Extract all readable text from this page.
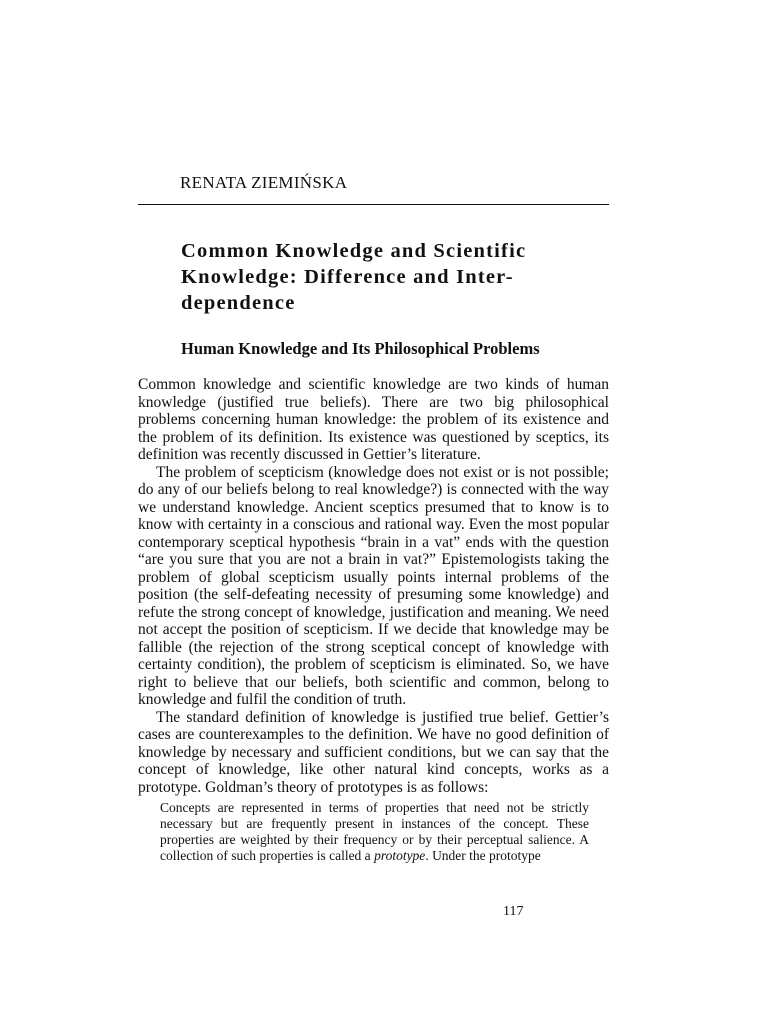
RENATA ZIEMIŃSKA

Common Knowledge and Scientific Knowledge: Difference and Inter-dependence
Human Knowledge and Its Philosophical Problems

Common knowledge and scientific knowledge are two kinds of human knowledge (justified true beliefs). There are two big philosophical problems concerning human knowledge: the problem of its existence and the problem of its definition. Its existence was questioned by sceptics, its definition was recently discussed in Gettier’s literature.

The problem of scepticism (knowledge does not exist or is not possible; do any of our beliefs belong to real knowledge?) is connected with the way we understand knowledge. Ancient sceptics presumed that to know is to know with certainty in a conscious and rational way. Even the most popular contemporary sceptical hypothesis “brain in a vat” ends with the question “are you sure that you are not a brain in vat?” Epistemologists taking the problem of global scepticism usually points internal problems of the position (the self-defeating necessity of presuming some knowledge) and refute the strong concept of knowledge, justification and meaning. We need not accept the position of scepticism. If we decide that knowledge may be fallible (the rejection of the strong sceptical concept of knowledge with certainty condition), the problem of scepticism is eliminated. So, we have right to believe that our beliefs, both scientific and common, belong to knowledge and fulfil the condition of truth.

The standard definition of knowledge is justified true belief. Gettier’s cases are counterexamples to the definition. We have no good definition of knowledge by necessary and sufficient conditions, but we can say that the concept of knowledge, like other natural kind concepts, works as a prototype. Goldman’s theory of prototypes is as follows:

Concepts are represented in terms of properties that need not be strictly necessary but are frequently present in instances of the concept. These properties are weighted by their frequency or by their perceptual salience. A collection of such properties is called a prototype. Under the prototype

117
